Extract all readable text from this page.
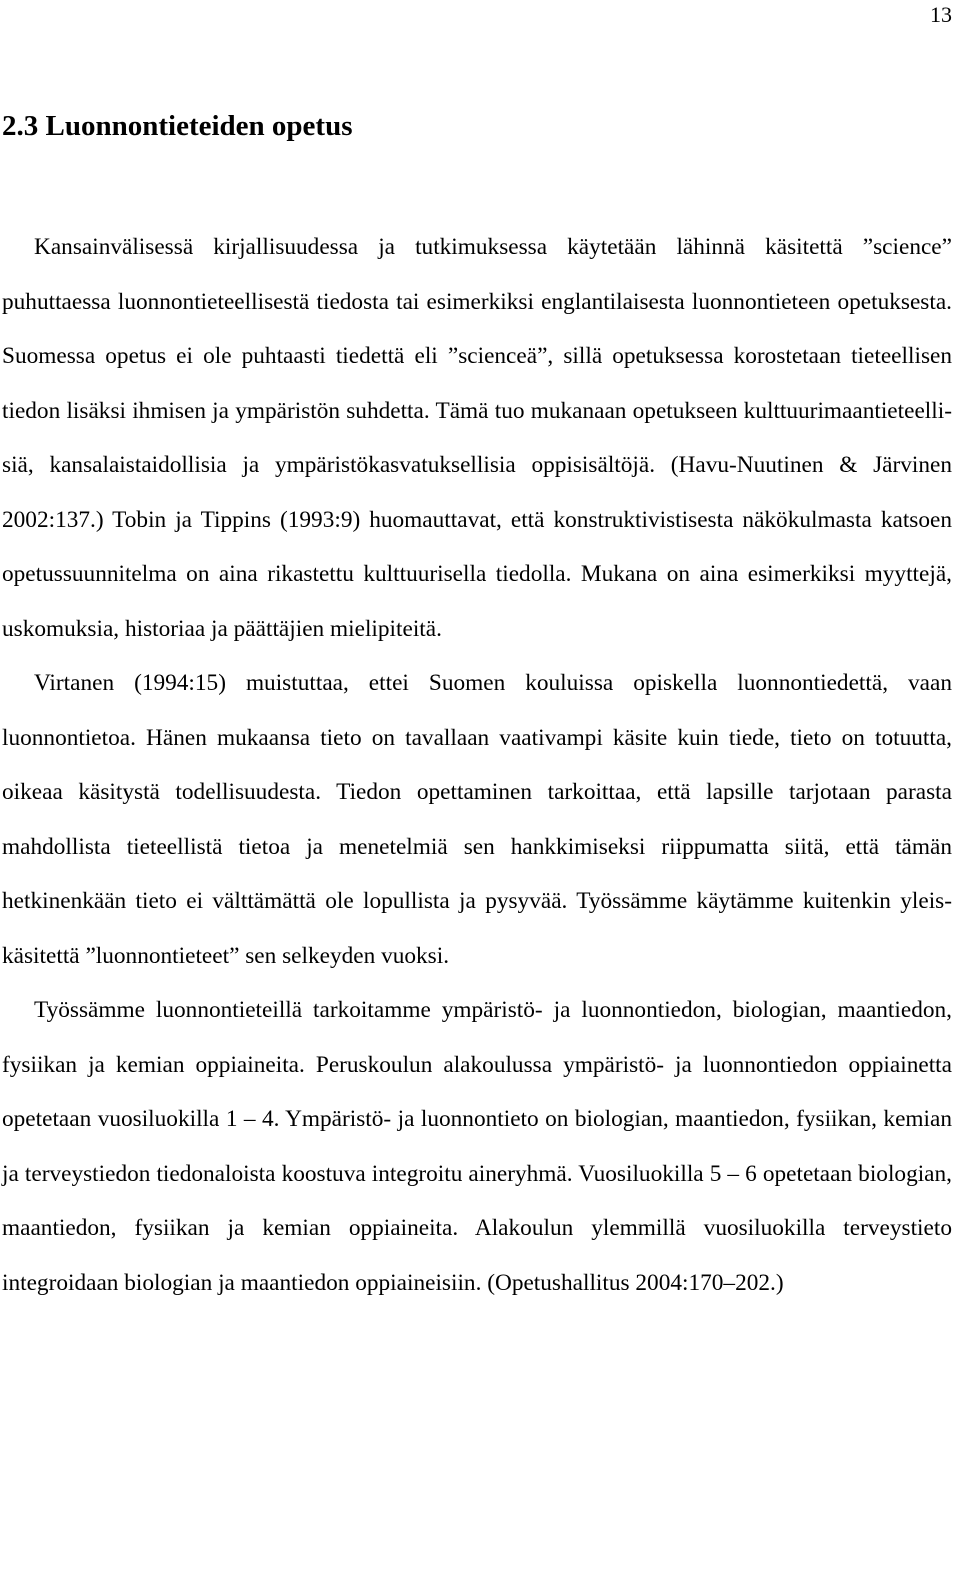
13
2.3 Luonnontieteiden opetus

Kansainvälisessä kirjallisuudessa ja tutkimuksessa käytetään lähinnä käsitettä ”science” puhuttaessa luonnontieteellisestä tiedosta tai esimerkiksi englantilaisesta luonnontieteen opetuksesta. Suomessa opetus ei ole puhtaasti tiedettä eli ”scienceä”, sillä opetuksessa korostetaan tieteellisen tiedon lisäksi ihmisen ja ympäristön suhdetta. Tämä tuo mukanaan opetukseen kulttuurimaantieteellisiä, kansalaistaidollisia ja ympäristökasvatuksellisia oppisisältöjä. (Havu-Nuutinen & Järvinen 2002:137.) Tobin ja Tippins (1993:9) huomauttavat, että konstruktivistisesta näkökulmasta katsoen opetussuunnitelma on aina rikastettu kulttuurisella tiedolla. Mukana on aina esimerkiksi myyttejä, uskomuksia, historiaa ja päättäjien mielipiteitä.

Virtanen (1994:15) muistuttaa, ettei Suomen kouluissa opiskella luonnontiedettä, vaan luonnontietoa. Hänen mukaansa tieto on tavallaan vaativampi käsite kuin tiede, tieto on totuutta, oikeaa käsitystä todellisuudesta. Tiedon opettaminen tarkoittaa, että lapsille tarjotaan parasta mahdollista tieteellistä tietoa ja menetelmiä sen hankkimiseksi riippumatta siitä, että tämän hetkinenkään tieto ei välttämättä ole lopullista ja pysyvää. Työssämme käytämme kuitenkin yleiskäsitettä ”luonnontieteet” sen selkeyden vuoksi.

Työssämme luonnontieteillä tarkoitamme ympäristö- ja luonnontiedon, biologian, maantiedon, fysiikan ja kemian oppiaineita. Peruskoulun alakoulussa ympäristö- ja luonnontiedon oppiainetta opetetaan vuosiluokilla 1 – 4. Ympäristö- ja luonnontieto on biologian, maantiedon, fysiikan, kemian ja terveystiedon tiedonaloista koostuva integroitu aineryhmä. Vuosiluokilla 5 – 6 opetetaan biologian, maantiedon, fysiikan ja kemian oppiaineita. Alakoulun ylemmillä vuosiluokilla terveystieto integroidaan biologian ja maantiedon oppiaineisiin. (Opetushallitus 2004:170–202.)
